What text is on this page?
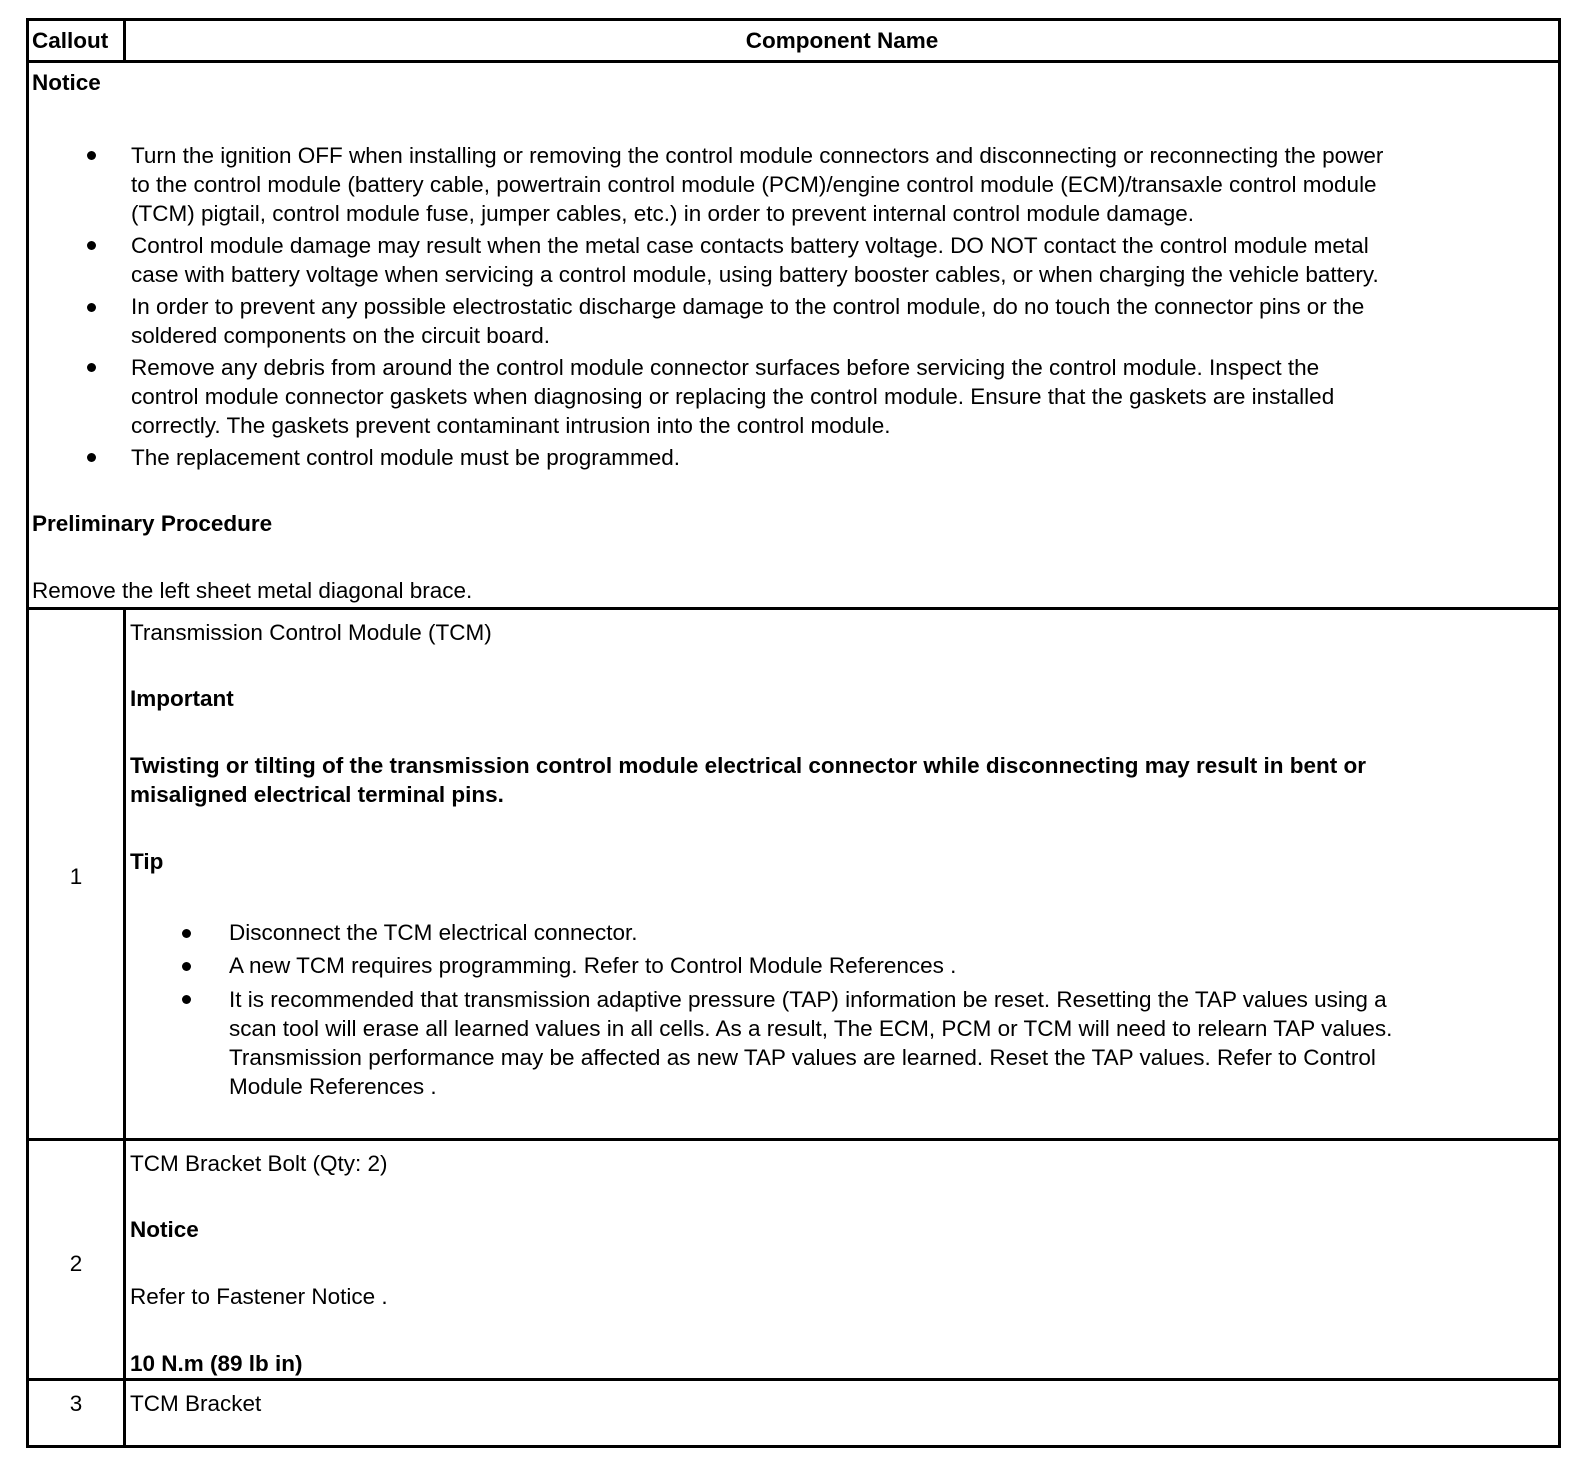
Callout	Component Name
Notice
Turn the ignition OFF when installing or removing the control module connectors and disconnecting or reconnecting the power
to the control module (battery cable, powertrain control module (PCM)/engine control module (ECM)/transaxle control module
(TCM) pigtail, control module fuse, jumper cables, etc.) in order to prevent internal control module damage.
Control module damage may result when the metal case contacts battery voltage. DO NOT contact the control module metal
case with battery voltage when servicing a control module, using battery booster cables, or when charging the vehicle battery.
In order to prevent any possible electrostatic discharge damage to the control module, do no touch the connector pins or the
soldered components on the circuit board.
Remove any debris from around the control module connector surfaces before servicing the control module. Inspect the
control module connector gaskets when diagnosing or replacing the control module. Ensure that the gaskets are installed
correctly. The gaskets prevent contaminant intrusion into the control module.
The replacement control module must be programmed.
Preliminary Procedure
Remove the left sheet metal diagonal brace.
1
Transmission Control Module (TCM)
Important
Twisting or tilting of the transmission control module electrical connector while disconnecting may result in bent or
misaligned electrical terminal pins.
Tip
Disconnect the TCM electrical connector.
A new TCM requires programming. Refer to Control Module References .
It is recommended that transmission adaptive pressure (TAP) information be reset. Resetting the TAP values using a
scan tool will erase all learned values in all cells. As a result, The ECM, PCM or TCM will need to relearn TAP values.
Transmission performance may be affected as new TAP values are learned. Reset the TAP values. Refer to Control
Module References .
2
TCM Bracket Bolt (Qty: 2)
Notice
Refer to Fastener Notice .
10 N.m (89 lb in)
3	TCM Bracket
